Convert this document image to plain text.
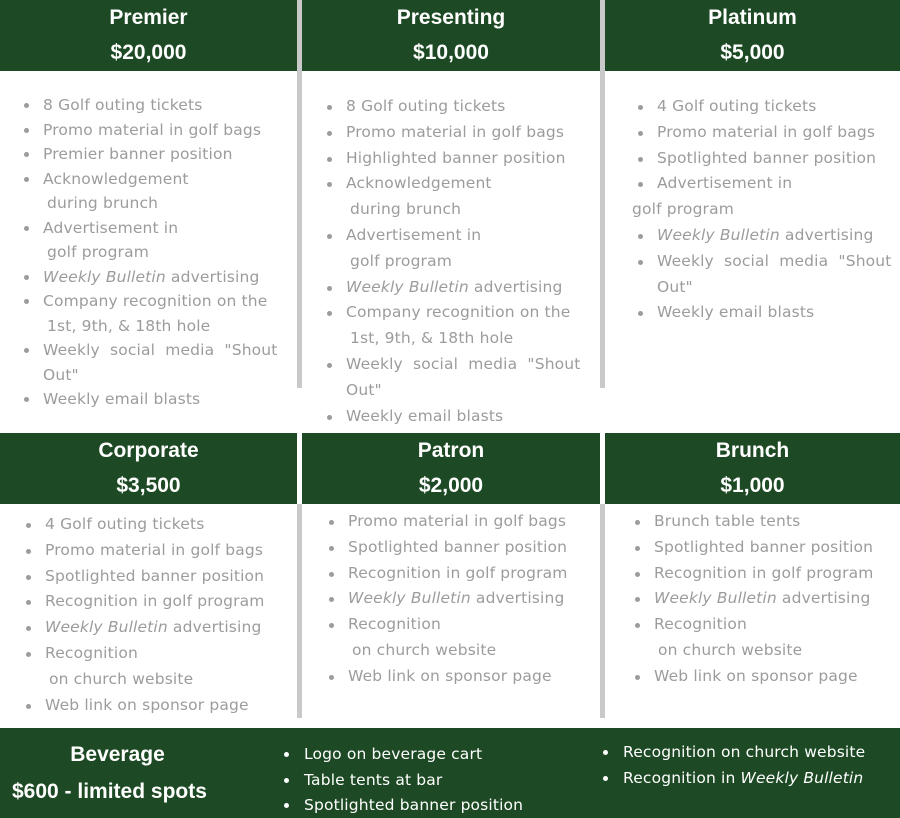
Premier
$20,000
8 Golf outing tickets
Promo material in golf bags
Premier banner position
Acknowledgement
during brunch
Advertisement in
golf program
Weekly Bulletin advertising
Company recognition on the
1st, 9th, & 18th hole
Weekly  social  media  "Shout
Out"
Weekly email blasts
Presenting
$10,000
8 Golf outing tickets
Promo material in golf bags
Highlighted banner position
Acknowledgement
during brunch
Advertisement in
golf program
Weekly Bulletin advertising
Company recognition on the
1st, 9th, & 18th hole
Weekly  social  media  "Shout
Out"
Weekly email blasts
Platinum
$5,000
4 Golf outing tickets
Promo material in golf bags
Spotlighted banner position
Advertisement in
golf program
Weekly Bulletin advertising
Weekly  social  media  "Shout
Out"
Weekly email blasts
Corporate
$3,500
4 Golf outing tickets
Promo material in golf bags
Spotlighted banner position
Recognition in golf program
Weekly Bulletin advertising
Recognition
on church website
Web link on sponsor page
Patron
$2,000
Promo material in golf bags
Spotlighted banner position
Recognition in golf program
Weekly Bulletin advertising
Recognition
on church website
Web link on sponsor page
Brunch
$1,000
Brunch table tents
Spotlighted banner position
Recognition in golf program
Weekly Bulletin advertising
Recognition
on church website
Web link on sponsor page
Beverage
$600 - limited spots
Logo on beverage cart
Table tents at bar
Spotlighted banner position
Recognition on church website
Recognition in Weekly Bulletin
